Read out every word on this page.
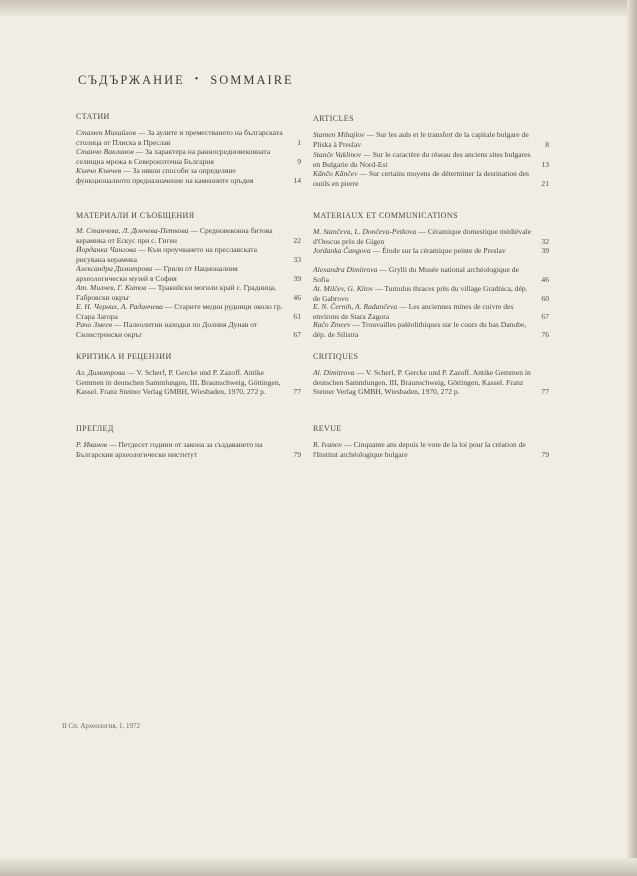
СЪДЪРЖАНИЕ • SOMMAIRE
СТАТИИ
Стамен Михайлов — За аулите и преместването на българската столица от Плиска в Преслав	1
Станчо Ваклинов — За характера на ранносредновековната селищна мрежа в Североизточна България	9
Кънчо Кънчев — За някои способи за определяне функционалното предназначение на каменните оръдия	14
МАТЕРИАЛИ И СЪОБЩЕНИЯ
М. Станчева, Л. Дончева-Петкова — Средновековна битова керамика от Ескус при с. Гиген	22
Йорданка Чангова — Към проучването на преславската рисувана керамика	33
Александра Димитрова — Грили от Националния археологически музей в София	39
Ат. Милчев, Г. Китов — Тракийски могили край с. Градница, Габровски окръг	46
Е. Н. Черних, А. Раданчева — Старите медни рудници около гр. Стара Загора	61
Рачо Змеев — Палеолитни находки по Долния Дунав от Силистренски окръг	67
КРИТИКА И РЕЦЕНЗИИ
Ал. Димитрова — V. Scherf, P. Gercke und P. Zazoff. Antike Gemmen in deutschen Sammlungen, III, Braunschweig, Göttingen, Kassel. Franz Steiner Verlag GMBH, Wiesbaden, 1970, 272 p.	77
ПРЕГЛЕД
Р. Иванов — Петдесет години от закона за създаването на Българския археологически институт	79
ARTICLES
Stamen Mihajlov — Sur les auls et le transfert de la capitale bulgare de Pliska à Preslav	8
Stanče Vaklinov — Sur le caractère du réseau des anciens sites bulgares en Bulgarie du Nord-Est	13
Kănčo Kănčev — Sur certains moyens de déterminer la destination des outils en pierre	21
MATERIAUX ET COMMUNICATIONS
M. Stančeva, L. Dončeva-Petkova — Céramique domestique médiévale d'Oescus près de Gigen	32
Jordanka Čangova — Étude sur la céramique peinte de Preslav	39
Alexandra Dimitrova — Grylli du Musée national archéologique de Sofia	46
At. Milčev, G. Kitov — Tumulus thraces près du village Gradnica, dép. de Gabrovo	60
E. N. Černih, A. Radančeva — Les anciennes mines de cuivre des environs de Stara Zagora	67
Račo Zmeev — Trouvailles paléolithiques sur le cours du bas Danube, dép. de Silistra	76
CRITIQUES
Al. Dimitrova — V. Scherf, P. Gercke und P. Zazoff. Antike Gemmen in deutschen Sammlungen, III, Braunschweig, Göttingen, Kassel. Franz Steiner Verlag GMBH, Wiesbaden, 1970, 272 p.	77
REVUE
R. Ivanov — Cinquante ans depuis le vote de la loi pour la création de l'Institut archéologique bulgare	79
II Сп. Археология, 1, 1972
